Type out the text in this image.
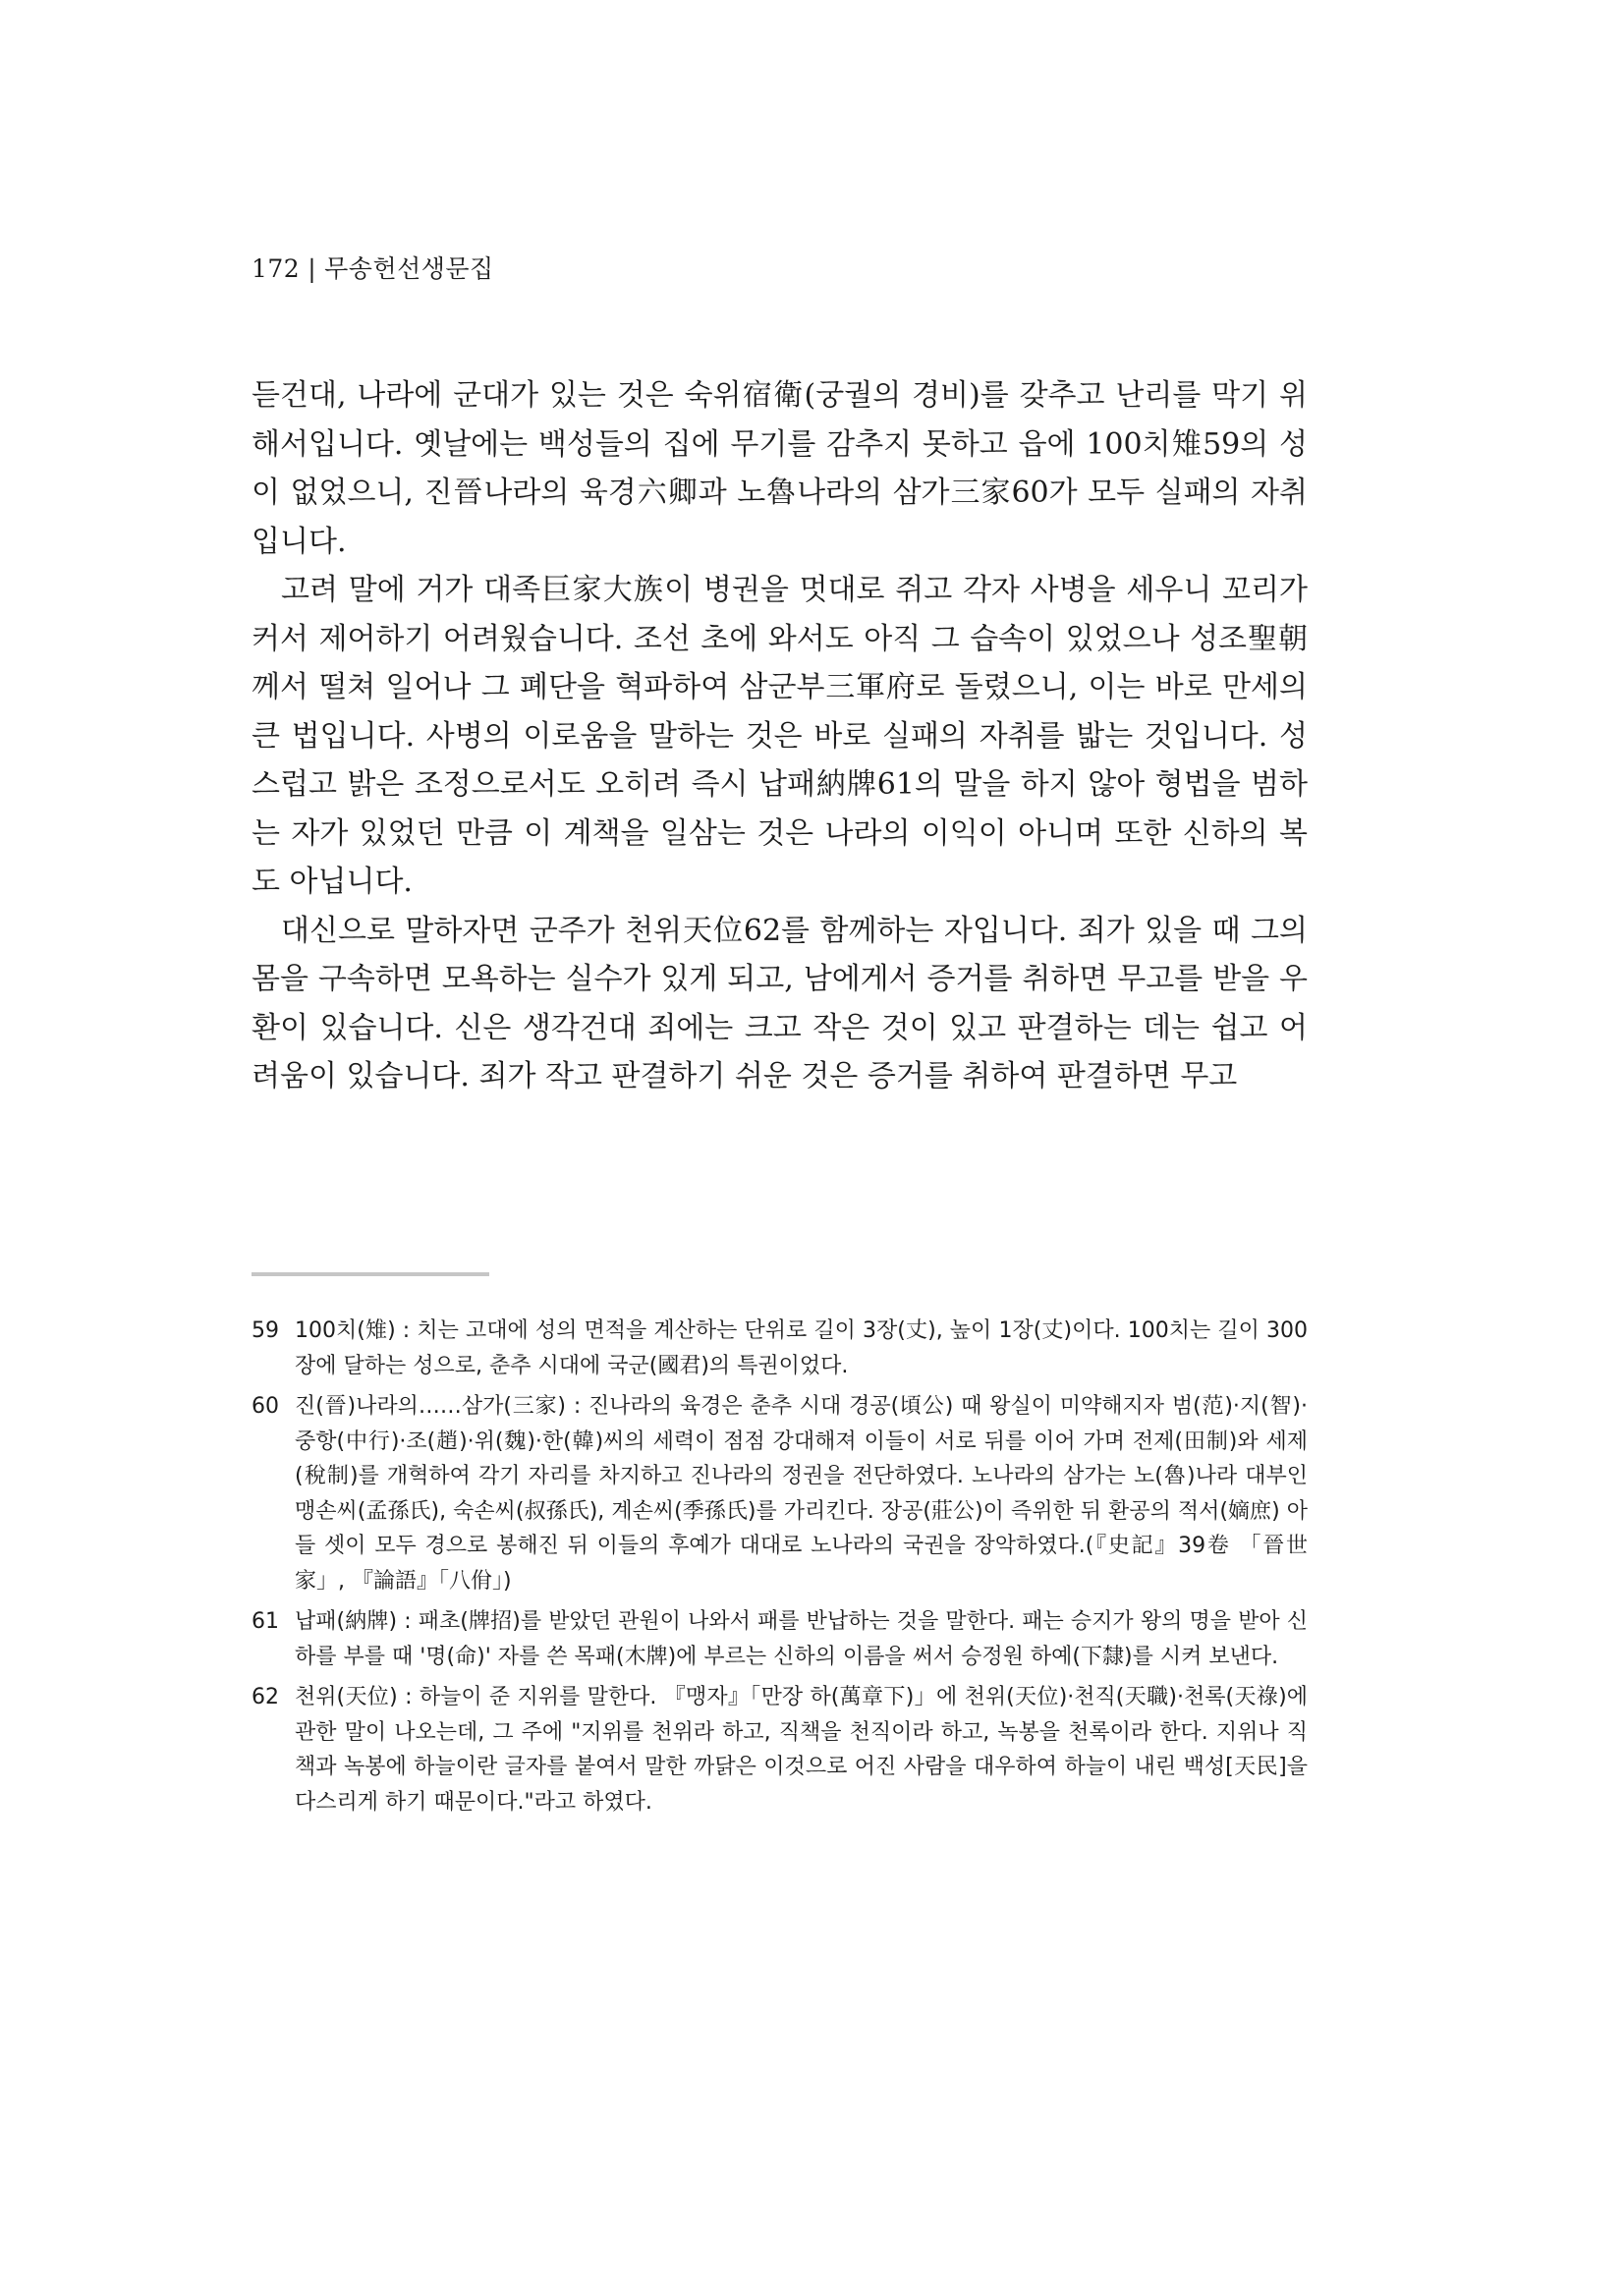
172 | 무송헌선생문집

듣건대, 나라에 군대가 있는 것은 숙위宿衛(궁궐의 경비)를 갖추고 난리를 막기 위해서입니다. 옛날에는 백성들의 집에 무기를 감추지 못하고 읍에 100치雉59의 성이 없었으니, 진晉나라의 육경六卿과 노魯나라의 삼가三家60가 모두 실패의 자취입니다.

고려 말에 거가 대족巨家大族이 병권을 멋대로 쥐고 각자 사병을 세우니 꼬리가 커서 제어하기 어려웠습니다. 조선 초에 와서도 아직 그 습속이 있었으나 성조聖朝께서 떨쳐 일어나 그 폐단을 혁파하여 삼군부三軍府로 돌렸으니, 이는 바로 만세의 큰 법입니다. 사병의 이로움을 말하는 것은 바로 실패의 자취를 밟는 것입니다. 성스럽고 밝은 조정으로서도 오히려 즉시 납패納牌61의 말을 하지 않아 형법을 범하는 자가 있었던 만큼 이 계책을 일삼는 것은 나라의 이익이 아니며 또한 신하의 복도 아닙니다.

대신으로 말하자면 군주가 천위天位62를 함께하는 자입니다. 죄가 있을 때 그의 몸을 구속하면 모욕하는 실수가 있게 되고, 남에게서 증거를 취하면 무고를 받을 우환이 있습니다. 신은 생각건대 죄에는 크고 작은 것이 있고 판결하는 데는 쉽고 어려움이 있습니다. 죄가 작고 판결하기 쉬운 것은 증거를 취하여 판결하면 무고

59 100치(雉) : 치는 고대에 성의 면적을 계산하는 단위로 길이 3장(丈), 높이 1장(丈)이다. 100치는 길이 300장에 달하는 성으로, 춘추 시대에 국군(國君)의 특권이었다.
60 진(晉)나라의……삼가(三家) : 진나라의 육경은 춘추 시대 경공(頃公) 때 왕실이 미약해지자 범(范)·지(智)·중항(中行)·조(趙)·위(魏)·한(韓)씨의 세력이 점점 강대해져 이들이 서로 뒤를 이어 가며 전제(田制)와 세제(稅制)를 개혁하여 각기 자리를 차지하고 진나라의 정권을 전단하였다. 노나라의 삼가는 노(魯)나라 대부인 맹손씨(孟孫氏), 숙손씨(叔孫氏), 계손씨(季孫氏)를 가리킨다. 장공(莊公)이 즉위한 뒤 환공의 적서(嫡庶) 아들 셋이 모두 경으로 봉해진 뒤 이들의 후예가 대대로 노나라의 국권을 장악하였다.(『史記』39卷 「晉世家」, 『論語』「八佾」)
61 납패(納牌) : 패초(牌招)를 받았던 관원이 나와서 패를 반납하는 것을 말한다. 패는 승지가 왕의 명을 받아 신하를 부를 때 '명(命)' 자를 쓴 목패(木牌)에 부르는 신하의 이름을 써서 승정원 하예(下隸)를 시켜 보낸다.
62 천위(天位) : 하늘이 준 지위를 말한다. 『맹자』「만장 하(萬章下)」에 천위(天位)·천직(天職)·천록(天祿)에 관한 말이 나오는데, 그 주에 "지위를 천위라 하고, 직책을 천직이라 하고, 녹봉을 천록이라 한다. 지위나 직책과 녹봉에 하늘이란 글자를 붙여서 말한 까닭은 이것으로 어진 사람을 대우하여 하늘이 내린 백성[天民]을 다스리게 하기 때문이다."라고 하였다.
